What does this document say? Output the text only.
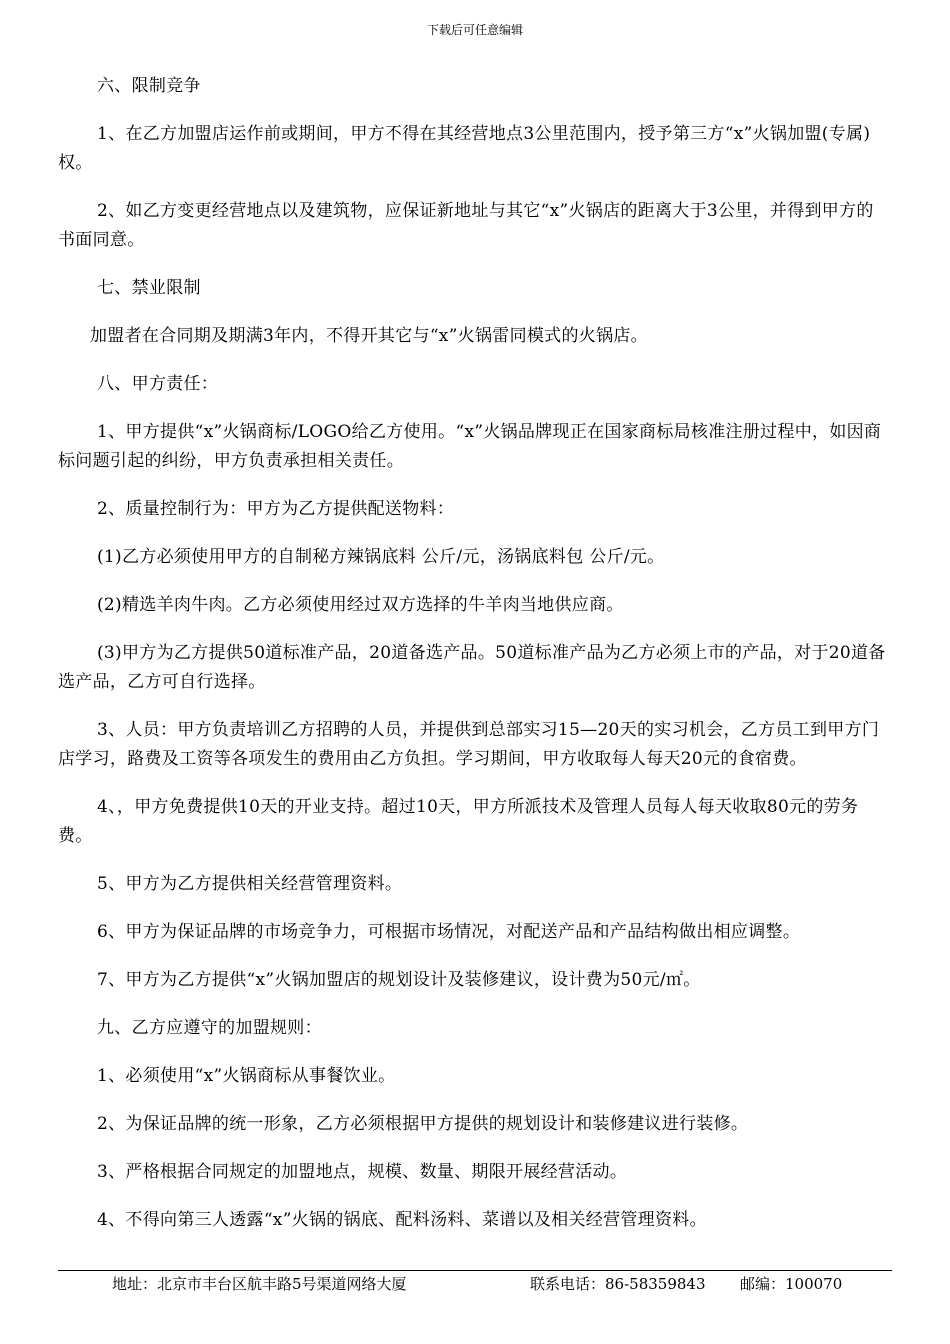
下载后可任意编辑

六、限制竞争

1、在乙方加盟店运作前或期间，甲方不得在其经营地点3公里范围内，授予第三方“x”火锅加盟(专属)权。

2、如乙方变更经营地点以及建筑物，应保证新地址与其它“x”火锅店的距离大于3公里，并得到甲方的书面同意。

七、禁业限制

加盟者在合同期及期满3年内，不得开其它与“x”火锅雷同模式的火锅店。

八、甲方责任：

1、甲方提供“x”火锅商标/LOGO给乙方使用。“x”火锅品牌现正在国家商标局核准注册过程中，如因商标问题引起的纠纷，甲方负责承担相关责任。

2、质量控制行为：甲方为乙方提供配送物料：

(1)乙方必须使用甲方的自制秘方辣锅底料 公斤/元，汤锅底料包 公斤/元。

(2)精选羊肉牛肉。乙方必须使用经过双方选择的牛羊肉当地供应商。

(3)甲方为乙方提供50道标准产品，20道备选产品。50道标准产品为乙方必须上市的产品，对于20道备选产品，乙方可自行选择。

3、人员：甲方负责培训乙方招聘的人员，并提供到总部实习15—20天的实习机会，乙方员工到甲方门店学习，路费及工资等各项发生的费用由乙方负担。学习期间，甲方收取每人每天20元的食宿费。

4、，甲方免费提供10天的开业支持。超过10天，甲方所派技术及管理人员每人每天收取80元的劳务费。

5、甲方为乙方提供相关经营管理资料。

6、甲方为保证品牌的市场竞争力，可根据市场情况，对配送产品和产品结构做出相应调整。

7、甲方为乙方提供“x”火锅加盟店的规划设计及装修建议，设计费为50元/㎡。

九、乙方应遵守的加盟规则：

1、必须使用“x”火锅商标从事餐饮业。

2、为保证品牌的统一形象，乙方必须根据甲方提供的规划设计和装修建议进行装修。

3、严格根据合同规定的加盟地点，规模、数量、期限开展经营活动。

4、不得向第三人透露“x”火锅的锅底、配料汤料、菜谱以及相关经营管理资料。

地址：北京市丰台区航丰路5号渠道网络大厦	联系电话：86-58359843 邮编：100070
